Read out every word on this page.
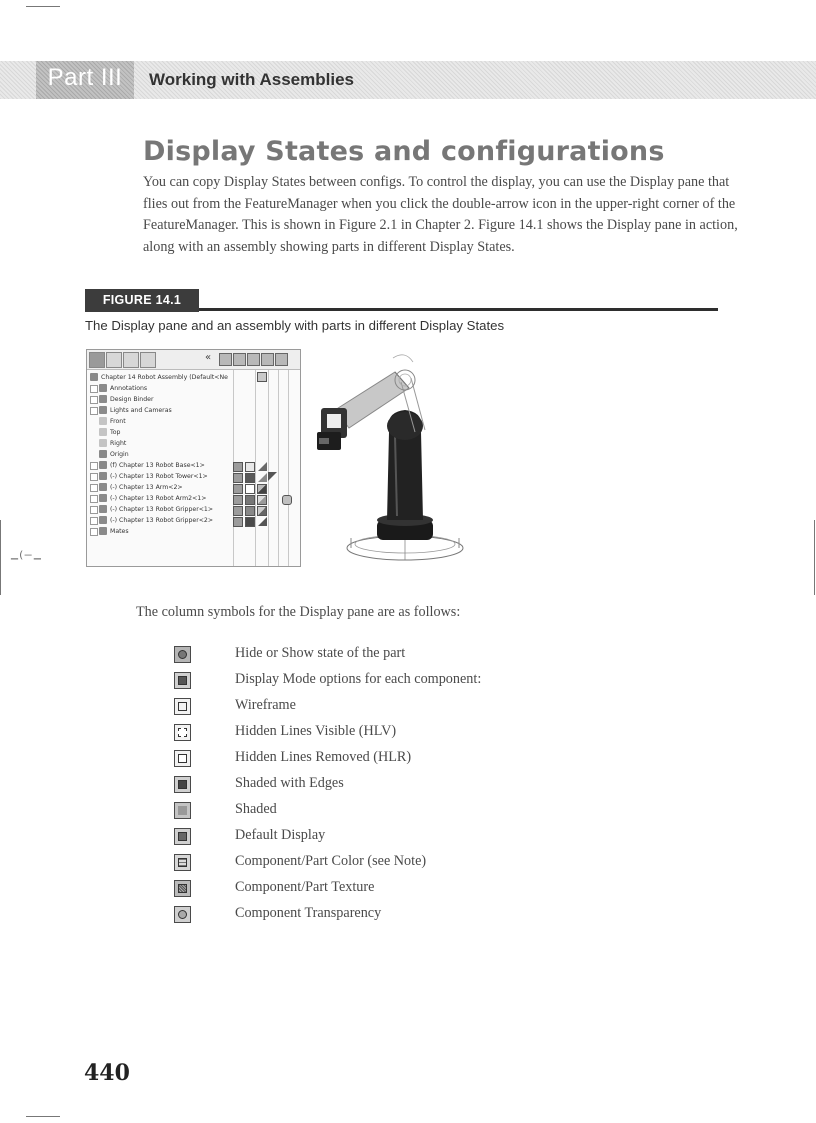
–⁽⁻–
Part III	Working with Assemblies
Display States and configurations

You can copy Display States between configs. To control the display, you can use the Display pane that flies out from the FeatureManager when you click the double-arrow icon in the upper-right corner of the FeatureManager. This is shown in Figure 2.1 in Chapter 2. Figure 14.1 shows the Display pane in action, along with an assembly showing parts in different Display States.

FIGURE 14.1
The Display pane and an assembly with parts in different Display States
«
Chapter 14 Robot Assembly (Default<Ne
Annotations
Design Binder
Lights and Cameras
Front
Top
Right
Origin
(f) Chapter 13 Robot Base<1>
(-) Chapter 13 Robot Tower<1>
(-) Chapter 13 Arm<2>
(-) Chapter 13 Robot Arm2<1>
(-) Chapter 13 Robot Gripper<1>
(-) Chapter 13 Robot Gripper<2>
Mates

The column symbols for the Display pane are as follows:

Hide or Show state of the part
Display Mode options for each component:
Wireframe
Hidden Lines Visible (HLV)
Hidden Lines Removed (HLR)
Shaded with Edges
Shaded
Default Display
Component/Part Color (see Note)
Component/Part Texture
Component Transparency
440
